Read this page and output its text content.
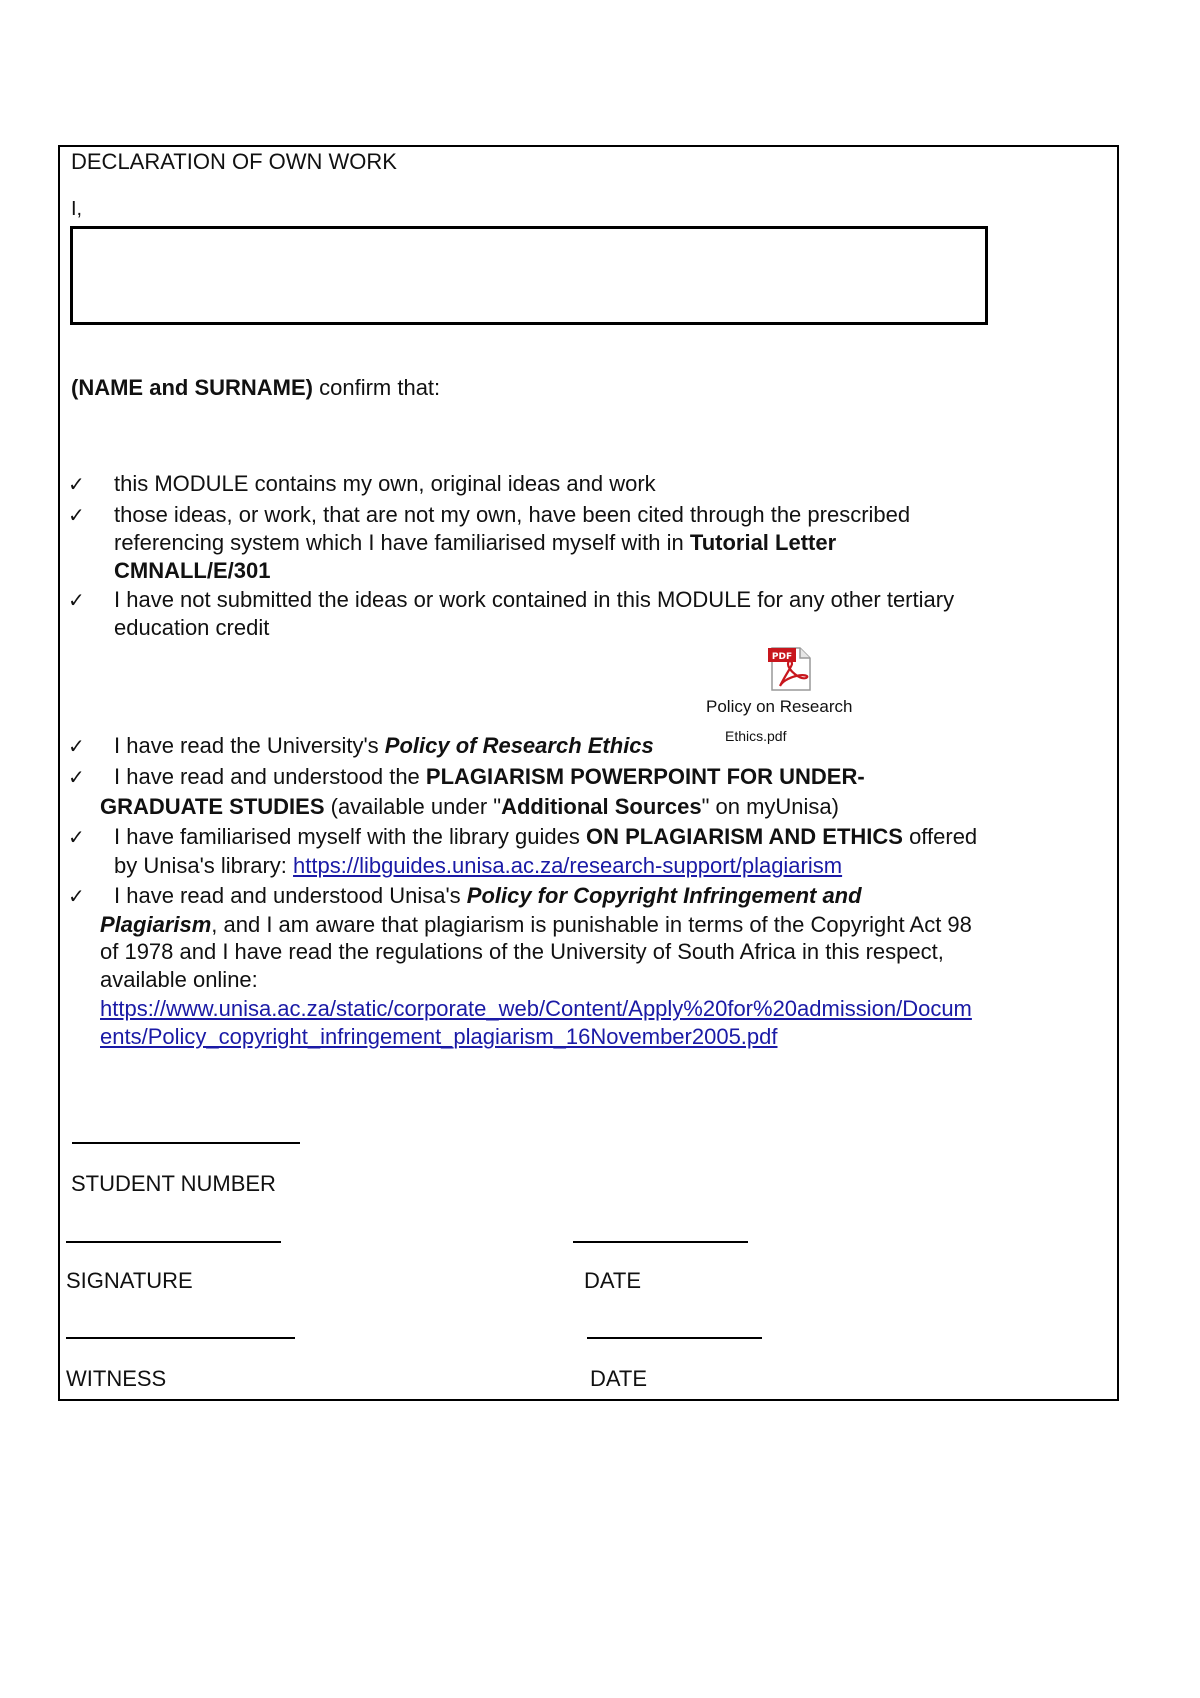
DECLARATION OF OWN WORK
I,
(NAME and SURNAME) confirm that:
✓ this MODULE contains my own, original ideas and work
✓ those ideas, or work, that are not my own, have been cited through the prescribed
referencing system which I have familiarised myself with in Tutorial Letter
CMNALL/E/301
✓ I have not submitted the ideas or work contained in this MODULE for any other tertiary
education credit
PDF
Policy on Research
Ethics.pdf
✓ I have read the University's Policy of Research Ethics
✓ I have read and understood the PLAGIARISM POWERPOINT FOR UNDER-
GRADUATE STUDIES (available under "Additional Sources" on myUnisa)
✓ I have familiarised myself with the library guides ON PLAGIARISM AND ETHICS offered
by Unisa's library: https://libguides.unisa.ac.za/research-support/plagiarism
✓ I have read and understood Unisa's Policy for Copyright Infringement and
Plagiarism, and I am aware that plagiarism is punishable in terms of the Copyright Act 98
of 1978 and I have read the regulations of the University of South Africa in this respect,
available online:
https://www.unisa.ac.za/static/corporate_web/Content/Apply%20for%20admission/Docum
ents/Policy_copyright_infringement_plagiarism_16November2005.pdf
STUDENT NUMBER
SIGNATURE	DATE
WITNESS	DATE
